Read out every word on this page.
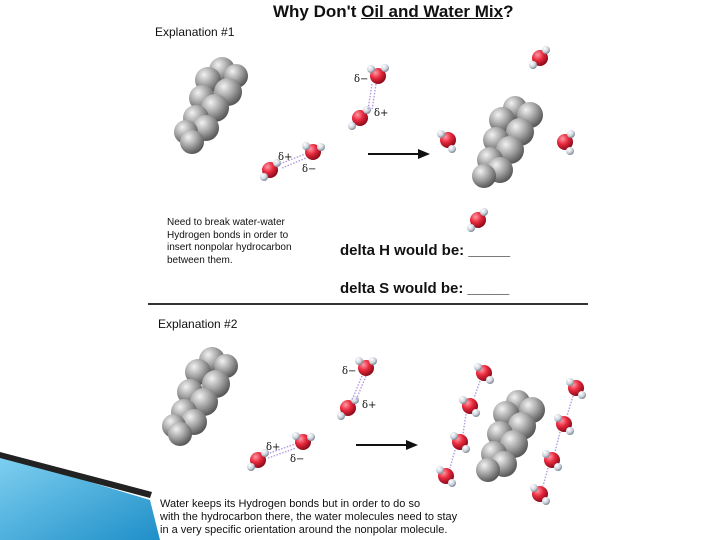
Why Don't Oil and Water Mix?
Explanation #1
Explanation #2
Need to break water-water
Hydrogen bonds in order to
insert nonpolar hydrocarbon
between them.
delta H would be: _____
delta S would be: _____
Water keeps its Hydrogen bonds but in order to do so
with the hydrocarbon there, the water molecules need to stay
in a very specific orientation around the nonpolar molecule.
δ−
δ+
δ+
δ−
δ−
δ+
δ+
δ−
